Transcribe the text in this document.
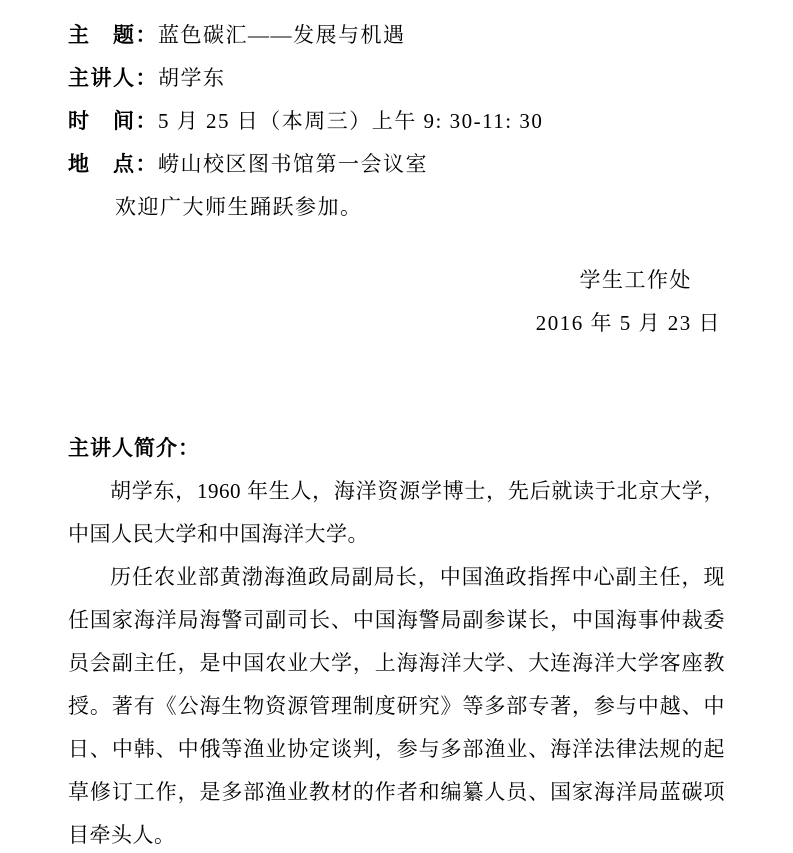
主　题：蓝色碳汇——发展与机遇
主讲人：胡学东
时　间：5 月 25 日（本周三）上午 9: 30-11: 30
地　点：崂山校区图书馆第一会议室
欢迎广大师生踊跃参加。
学生工作处
2016 年 5 月 23 日
主讲人简介：
胡学东，1960 年生人，海洋资源学博士，先后就读于北京大学，
中国人民大学和中国海洋大学。
历任农业部黄渤海渔政局副局长，中国渔政指挥中心副主任，现
任国家海洋局海警司副司长、中国海警局副参谋长，中国海事仲裁委
员会副主任，是中国农业大学，上海海洋大学、大连海洋大学客座教
授。著有《公海生物资源管理制度研究》等多部专著，参与中越、中
日、中韩、中俄等渔业协定谈判，参与多部渔业、海洋法律法规的起
草修订工作，是多部渔业教材的作者和编纂人员、国家海洋局蓝碳项
目牵头人。
